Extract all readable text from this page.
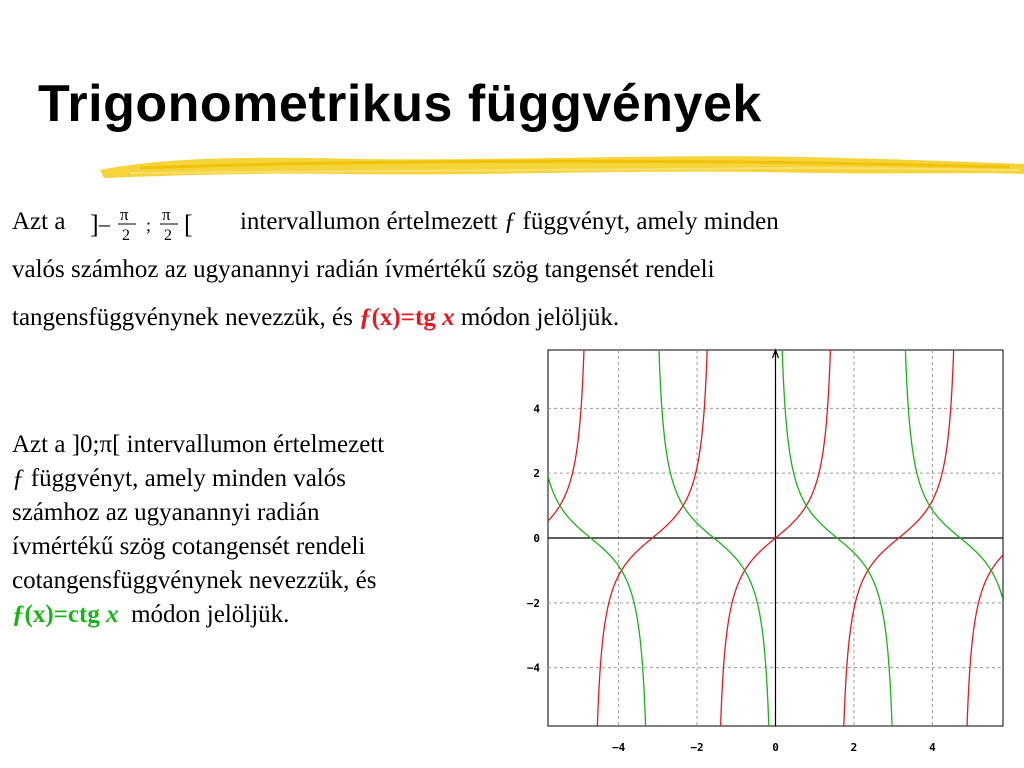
Trigonometrikus függvények

Azt a ] – π
2
;
π
2 [ intervallumon értelmezett ƒ függvényt, amely minden
valós számhoz az ugyanannyi radián ívmértékű szög tangensét rendeli
tangensfüggvénynek nevezzük, és ƒ(x)=tg x módon jelöljük.

Azt a ]0;π[ intervallumon értelmezett
ƒ függvényt, amely minden valós
számhoz az ugyanannyi radián
ívmértékű szög cotangensét rendeli
cotangensfüggvénynek nevezzük, és
ƒ(x)=ctg x módon jelöljük.

−4	−2	0	2	4
4
2
0
−2
−4
